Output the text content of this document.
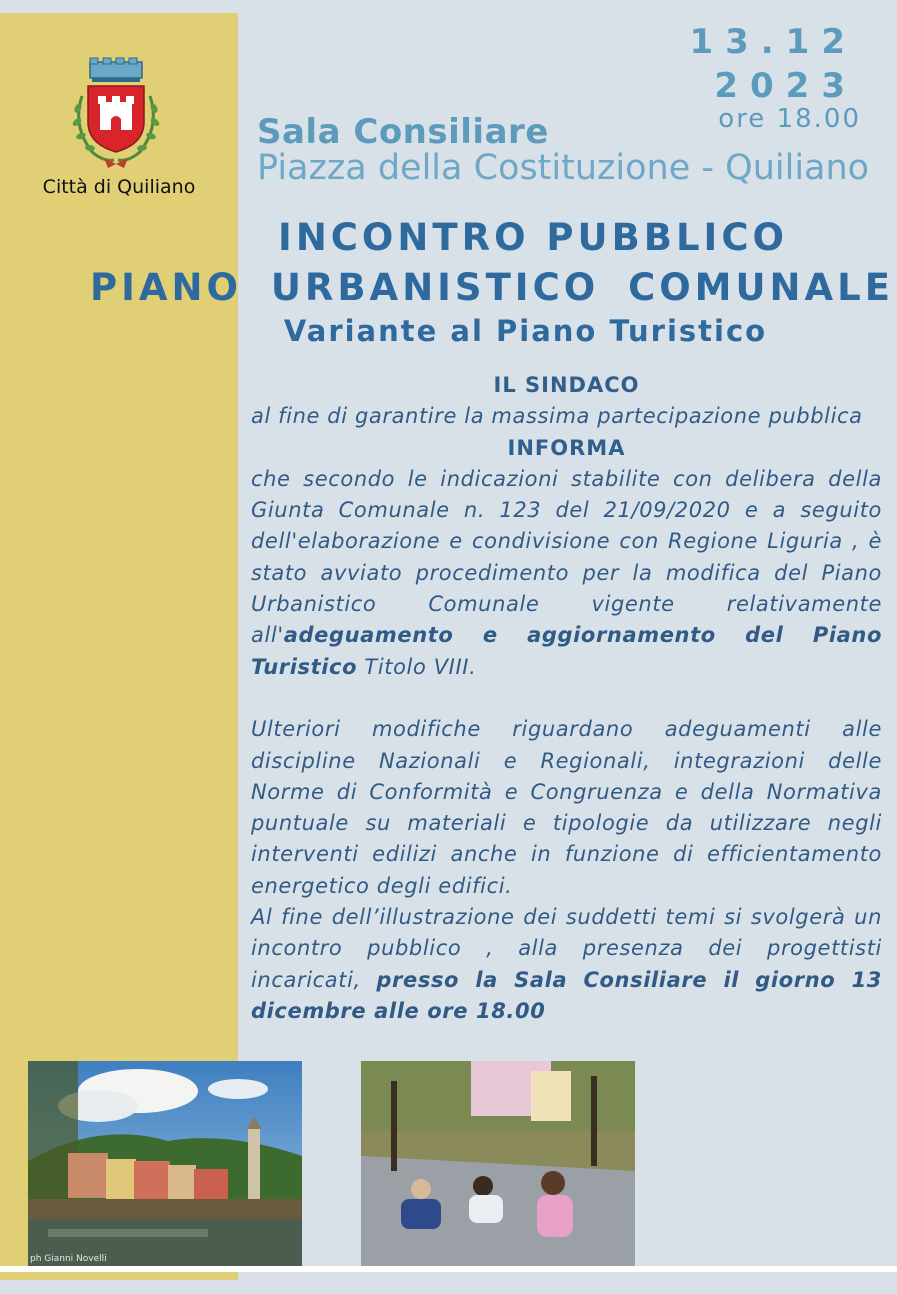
Città di Quiliano
13.12
2023
ore 18.00
Sala Consiliare
Piazza della Costituzione - Quiliano
INCONTRO PUBBLICO
PIANO URBANISTICO COMUNALE
Variante al Piano Turistico
IL SINDACO

al fine di garantire la massima partecipazione pubblica

INFORMA

che secondo le indicazioni stabilite con delibera della Giunta Comunale n. 123 del 21/09/2020 e a seguito dell'elaborazione e condivisione con Regione Liguria , è stato avviato procedimento per la modifica del Piano Urbanistico Comunale vigente relativamente all'adeguamento e aggiornamento del Piano Turistico Titolo VIII.

Ulteriori modifiche riguardano adeguamenti alle discipline Nazionali e Regionali, integrazioni delle Norme di Conformità e Congruenza e della Normativa puntuale su materiali e tipologie da utilizzare negli interventi edilizi anche in funzione di efficientamento energetico degli edifici.

Al fine dell’illustrazione dei suddetti temi si svolgerà un incontro pubblico , alla presenza dei progettisti incaricati, presso la Sala Consiliare il giorno 13 dicembre alle ore 18.00

ph Gianni Novelli
